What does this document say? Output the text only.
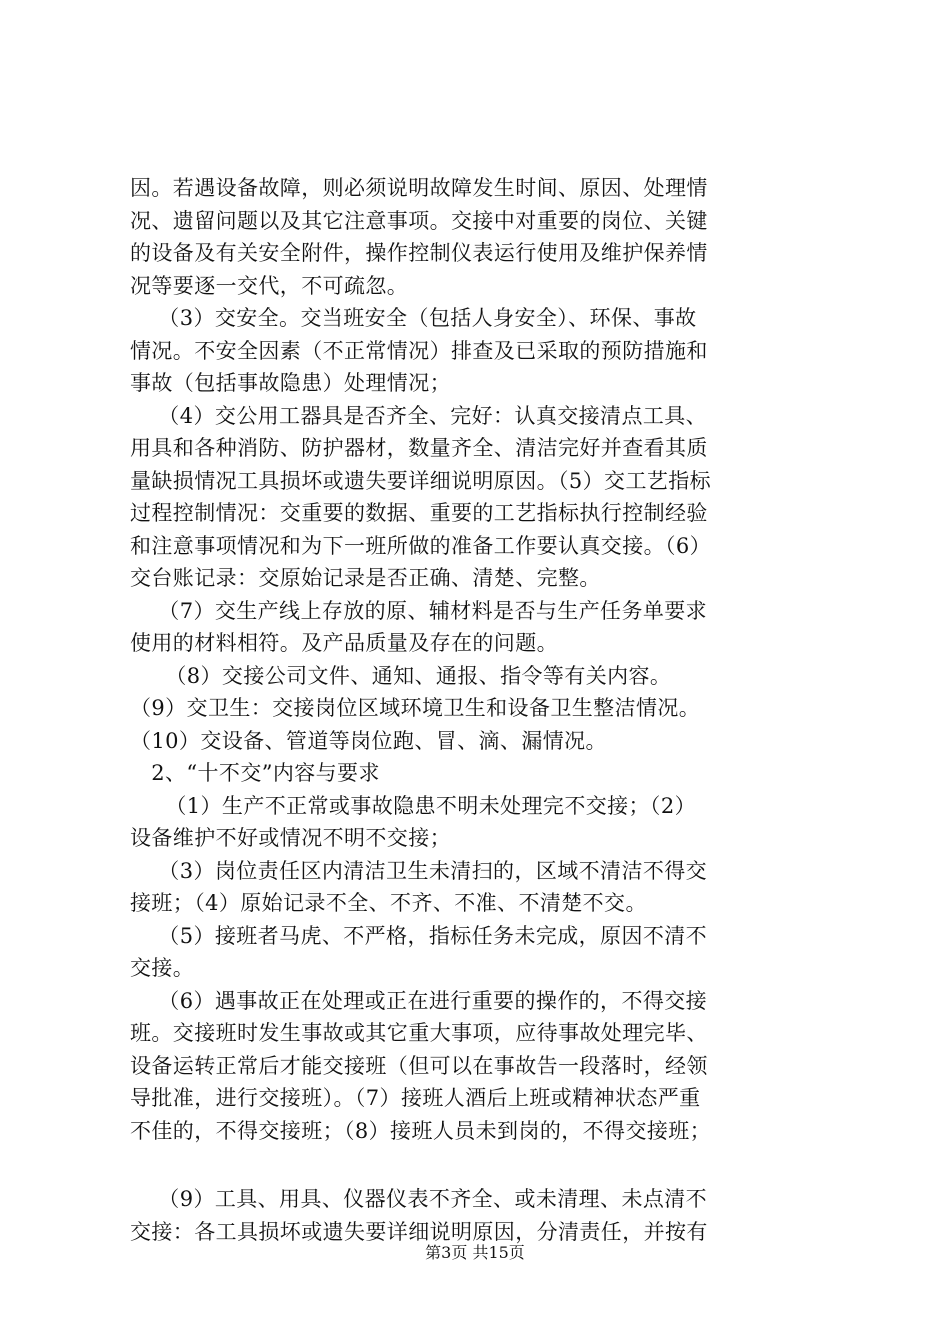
因。若遇设备故障，则必须说明故障发生时间、原因、处理情
况、遗留问题以及其它注意事项。交接中对重要的岗位、关键
的设备及有关安全附件，操作控制仪表运行使用及维护保养情
况等要逐一交代，不可疏忽。
（3）交安全。交当班安全（包括人身安全）、环保、事故
情况。不安全因素（不正常情况）排查及已采取的预防措施和
事故（包括事故隐患）处理情况；
（4）交公用工器具是否齐全、完好：认真交接清点工具、
用具和各种消防、防护器材，数量齐全、清洁完好并查看其质
量缺损情况工具损坏或遗失要详细说明原因。（5）交工艺指标
过程控制情况：交重要的数据、重要的工艺指标执行控制经验
和注意事项情况和为下一班所做的准备工作要认真交接。（6）
交台账记录：交原始记录是否正确、清楚、完整。
（7）交生产线上存放的原、辅材料是否与生产任务单要求
使用的材料相符。及产品质量及存在的问题。
（8）交接公司文件、通知、通报、指令等有关内容。
（9）交卫生：交接岗位区域环境卫生和设备卫生整洁情况。
（10）交设备、管道等岗位跑、冒、滴、漏情况。
2、“十不交”内容与要求
（1）生产不正常或事故隐患不明未处理完不交接；（2）
设备维护不好或情况不明不交接；
（3）岗位责任区内清洁卫生未清扫的，区域不清洁不得交
接班；（4）原始记录不全、不齐、不准、不清楚不交。
（5）接班者马虎、不严格，指标任务未完成，原因不清不
交接。
（6）遇事故正在处理或正在进行重要的操作的，不得交接
班。交接班时发生事故或其它重大事项，应待事故处理完毕、
设备运转正常后才能交接班（但可以在事故告一段落时，经领
导批准，进行交接班）。（7）接班人酒后上班或精神状态严重
不佳的，不得交接班；（8）接班人员未到岗的，不得交接班；
（9）工具、用具、仪器仪表不齐全、或未清理、未点清不
交接：各工具损坏或遗失要详细说明原因，分清责任，并按有
第3页 共15页
